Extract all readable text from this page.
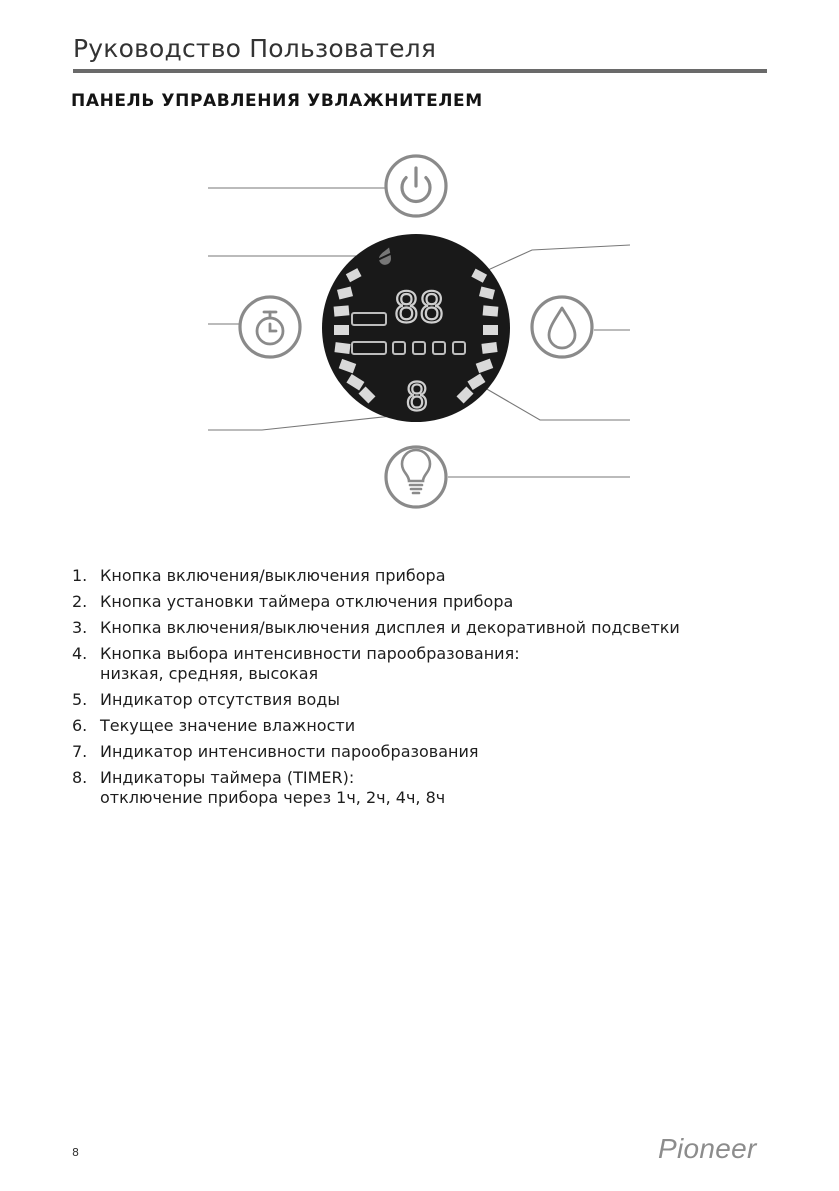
Руководство Пользователя
ПАНЕЛЬ УПРАВЛЕНИЯ УВЛАЖНИТЕЛЕМ
88
8
1. Кнопка включения/выключения прибора
2. Кнопка установки таймера отключения прибора
3. Кнопка включения/выключения дисплея и декоративной подсветки
4. Кнопка выбора интенсивности парообразования:
низкая, средняя, высокая
5. Индикатор отсутствия воды
6. Текущее значение влажности
7. Индикатор интенсивности парообразования
8. Индикаторы таймера (TIMER):
отключение прибора через 1ч, 2ч, 4ч, 8ч
8	Pioneer
